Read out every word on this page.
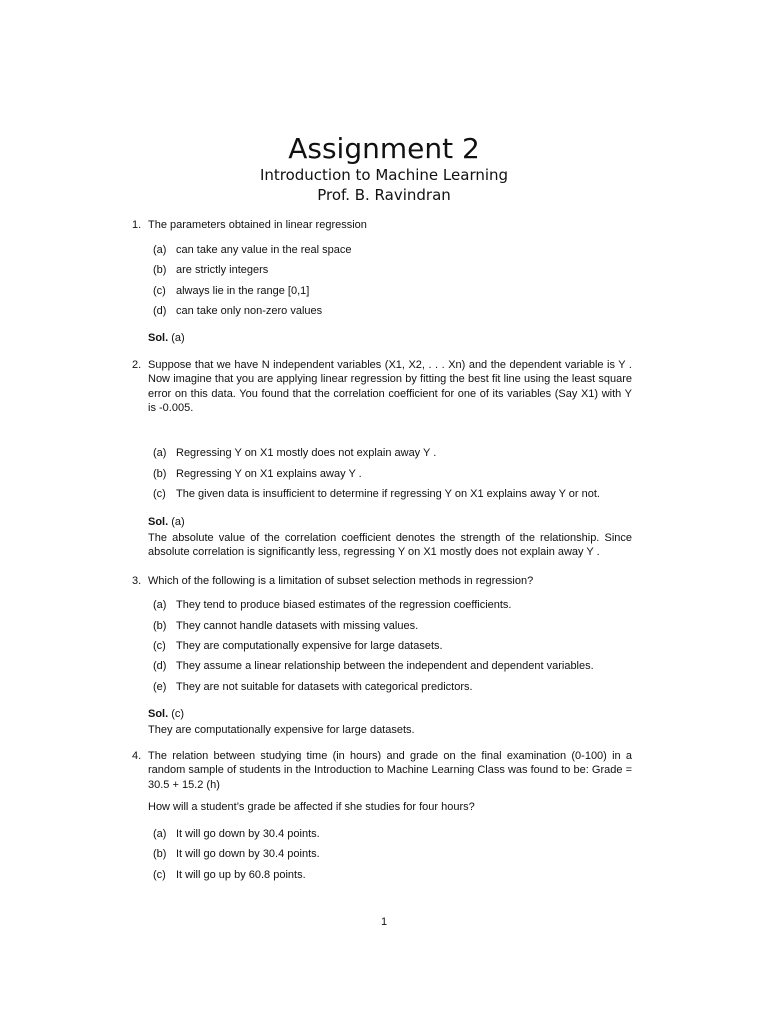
Assignment 2
Introduction to Machine Learning
Prof. B. Ravindran
1. The parameters obtained in linear regression
(a) can take any value in the real space
(b) are strictly integers
(c) always lie in the range [0,1]
(d) can take only non-zero values
Sol. (a)
2. Suppose that we have N independent variables (X1, X2, . . . Xn) and the dependent variable is Y . Now imagine that you are applying linear regression by fitting the best fit line using the least square error on this data. You found that the correlation coefficient for one of its variables (Say X1) with Y is -0.005.
(a) Regressing Y on X1 mostly does not explain away Y .
(b) Regressing Y on X1 explains away Y .
(c) The given data is insufficient to determine if regressing Y on X1 explains away Y or not.
Sol. (a)
The absolute value of the correlation coefficient denotes the strength of the relationship. Since absolute correlation is significantly less, regressing Y on X1 mostly does not explain away Y .
3. Which of the following is a limitation of subset selection methods in regression?
(a) They tend to produce biased estimates of the regression coefficients.
(b) They cannot handle datasets with missing values.
(c) They are computationally expensive for large datasets.
(d) They assume a linear relationship between the independent and dependent variables.
(e) They are not suitable for datasets with categorical predictors.
Sol. (c)
They are computationally expensive for large datasets.
4. The relation between studying time (in hours) and grade on the final examination (0-100) in a random sample of students in the Introduction to Machine Learning Class was found to be: Grade = 30.5 + 15.2 (h)
How will a student’s grade be affected if she studies for four hours?
(a) It will go down by 30.4 points.
(b) It will go down by 30.4 points.
(c) It will go up by 60.8 points.
1
